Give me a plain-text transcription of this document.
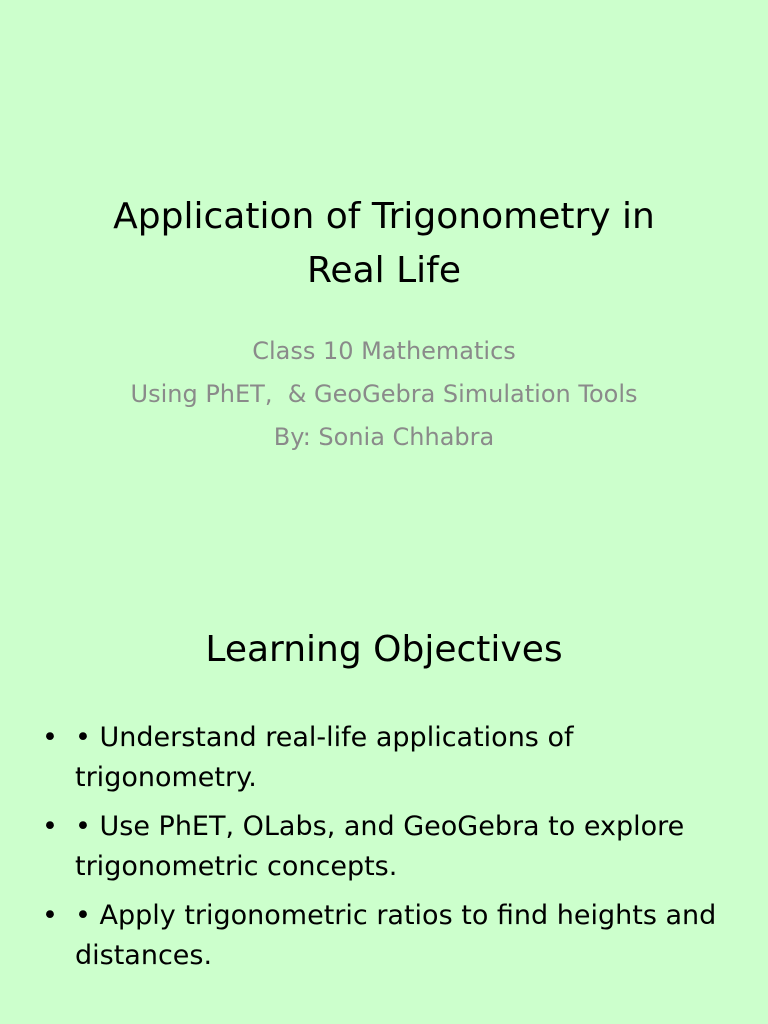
Application of Trigonometry in
Real Life
Class 10 Mathematics
Using PhET,  & GeoGebra Simulation Tools
By: Sonia Chhabra
Learning Objectives
• • Understand real-life applications of trigonometry.
• • Use PhET, OLabs, and GeoGebra to explore trigonometric concepts.
• • Apply trigonometric ratios to find heights and distances.
